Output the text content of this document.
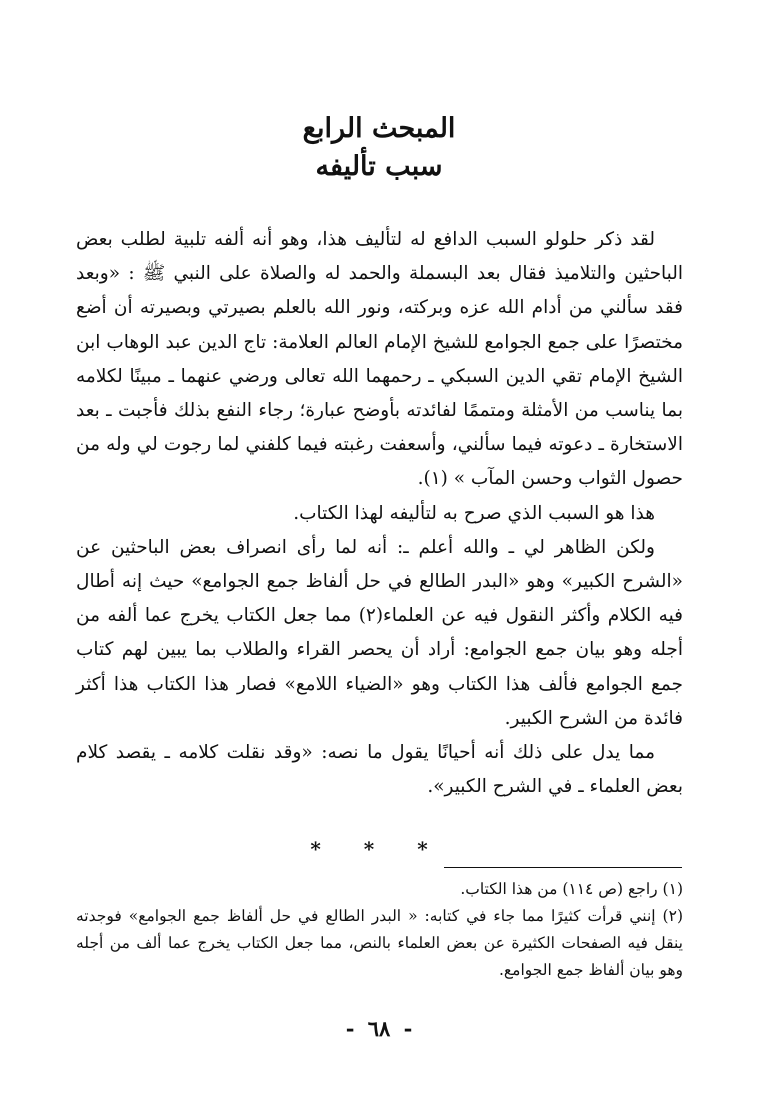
المبحث الرابع
سبب تأليفه

لقد ذكر حلولو السبب الدافع له لتأليف هذا، وهو أنه ألفه تلبية لطلب بعض الباحثين والتلاميذ فقال بعد البسملة والحمد له والصلاة على النبي ﷺ : «وبعد فقد سألني من أدام الله عزه وبركته، ونور الله بالعلم بصيرتي وبصيرته أن أضع مختصرًا على جمع الجوامع للشيخ الإمام العالم العلامة: تاج الدين عبد الوهاب ابن الشيخ الإمام تقي الدين السبكي ـ رحمهما الله تعالى ورضي عنهما ـ مبينًا لكلامه بما يناسب من الأمثلة ومتممًا لفائدته بأوضح عبارة؛ رجاء النفع بذلك فأجبت ـ بعد الاستخارة ـ دعوته فيما سألني، وأسعفت رغبته فيما كلفني لما رجوت لي وله من حصول الثواب وحسن المآب » (١).

هذا هو السبب الذي صرح به لتأليفه لهذا الكتاب.

ولكن الظاهر لي ـ والله أعلم ـ: أنه لما رأى انصراف بعض الباحثين عن «الشرح الكبير» وهو «البدر الطالع في حل ألفاظ جمع الجوامع» حيث إنه أطال فيه الكلام وأكثر النقول فيه عن العلماء(٢) مما جعل الكتاب يخرج عما ألفه من أجله وهو بيان جمع الجوامع: أراد أن يحصر القراء والطلاب بما يبين لهم كتاب جمع الجوامع فألف هذا الكتاب وهو «الضياء اللامع» فصار هذا الكتاب هذا أكثر فائدة من الشرح الكبير.

مما يدل على ذلك أنه أحيانًا يقول ما نصه: «وقد نقلت كلامه ـ يقصد كلام بعض العلماء ـ في الشرح الكبير».

* * *

(١) راجع (ص ١١٤) من هذا الكتاب.

(٢) إنني قرأت كثيرًا مما جاء في كتابه: « البدر الطالع في حل ألفاظ جمع الجوامع» فوجدته ينقل فيه الصفحات الكثيرة عن بعض العلماء بالنص، مما جعل الكتاب يخرج عما ألف من أجله وهو بيان ألفاظ جمع الجوامع.

- ٦٨ -
